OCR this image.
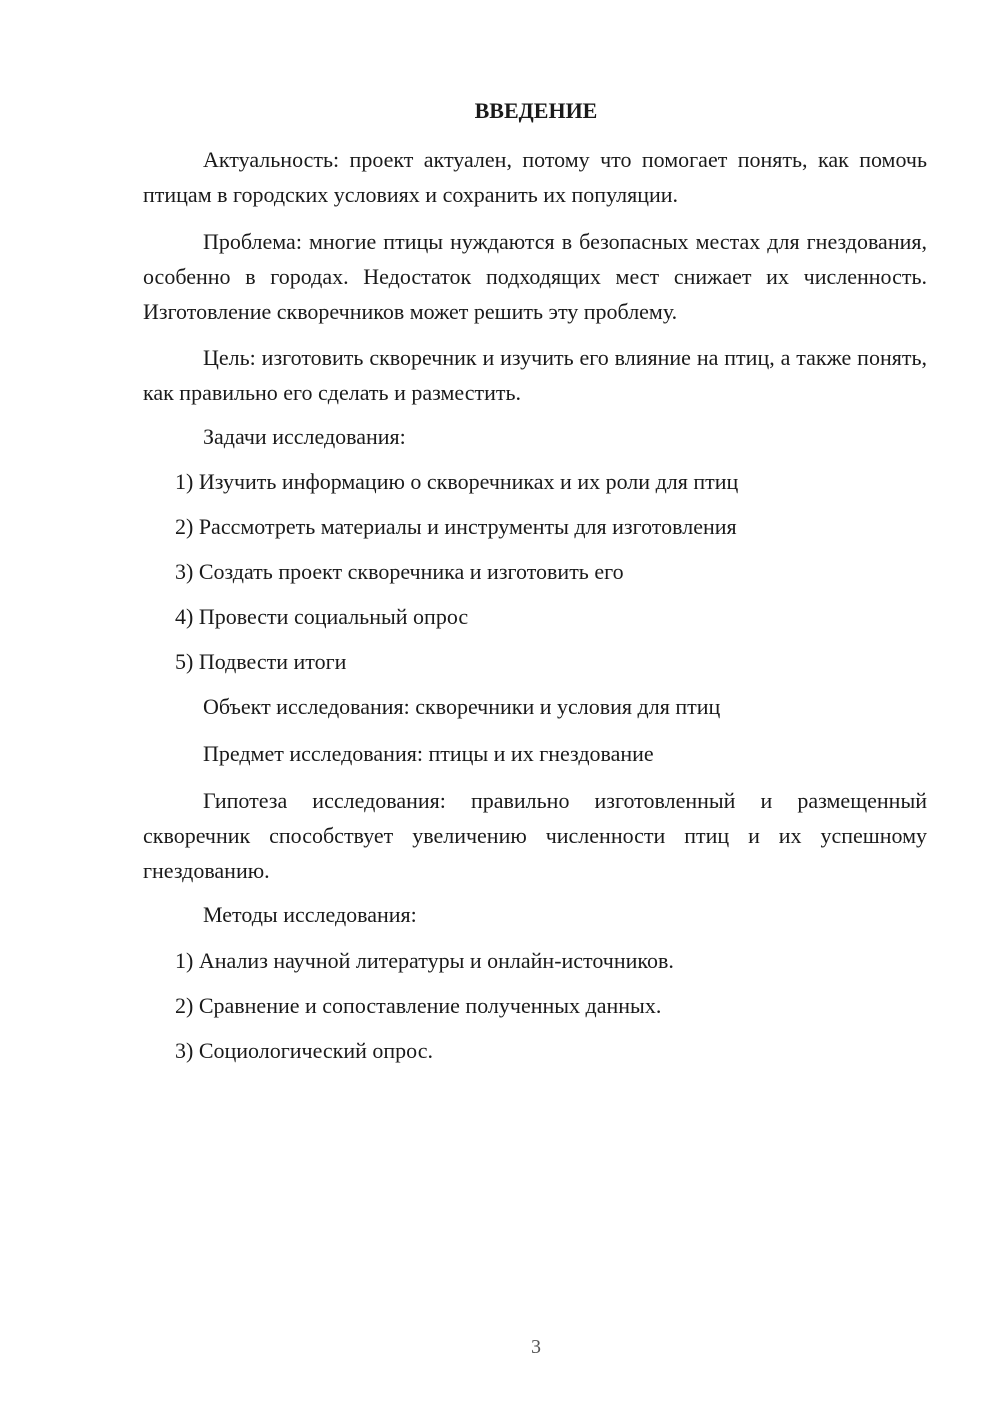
ВВЕДЕНИЕ

Актуальность: проект актуален, потому что помогает понять, как помочь птицам в городских условиях и сохранить их популяции.

Проблема: многие птицы нуждаются в безопасных местах для гнездования, особенно в городах. Недостаток подходящих мест снижает их численность. Изготовление скворечников может решить эту проблему.

Цель: изготовить скворечник и изучить его влияние на птиц, а также понять, как правильно его сделать и разместить.

Задачи исследования:

1) Изучить информацию о скворечниках и их роли для птиц

2) Рассмотреть материалы и инструменты для изготовления

3) Создать проект скворечника и изготовить его

4) Провести социальный опрос

5) Подвести итоги

Объект исследования: скворечники и условия для птиц

Предмет исследования: птицы и их гнездование

Гипотеза исследования: правильно изготовленный и размещенный скворечник способствует увеличению численности птиц и их успешному гнездованию.

Методы исследования:

1) Анализ научной литературы и онлайн-источников.

2) Сравнение и сопоставление полученных данных.

3) Социологический опрос.

3
